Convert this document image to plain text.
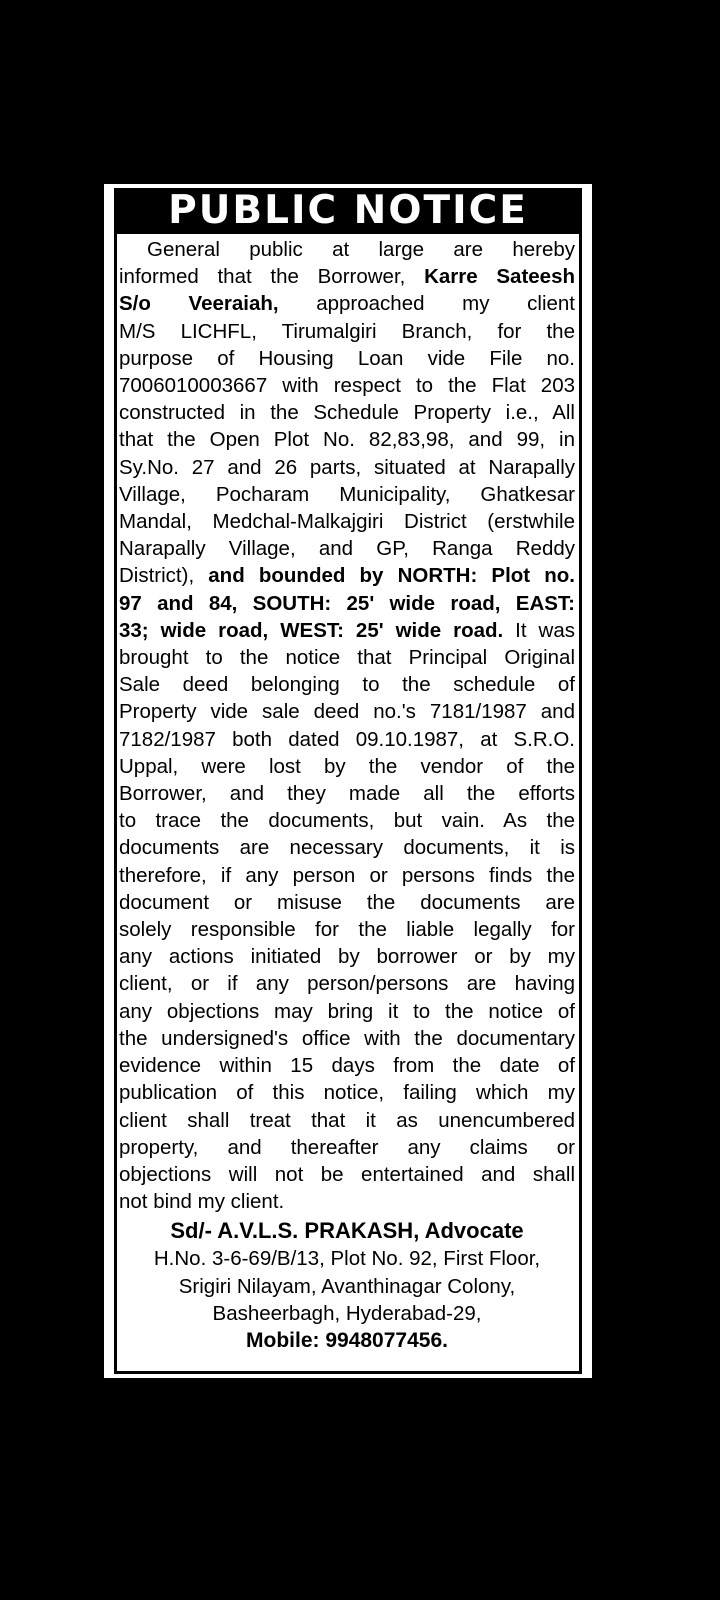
PUBLIC NOTICE
General public at large are hereby
informed that the Borrower, Karre Sateesh
S/o Veeraiah, approached my client
M/S LICHFL, Tirumalgiri Branch, for the
purpose of Housing Loan vide File no.
7006010003667 with respect to the Flat 203
constructed in the Schedule Property i.e., All
that the Open Plot No. 82,83,98, and 99, in
Sy.No. 27 and 26 parts, situated at Narapally
Village, Pocharam Municipality, Ghatkesar
Mandal, Medchal-Malkajgiri District (erstwhile
Narapally Village, and GP, Ranga Reddy
District), and bounded by NORTH: Plot no.
97 and 84, SOUTH: 25' wide road, EAST:
33; wide road, WEST: 25' wide road. It was
brought to the notice that Principal Original
Sale deed belonging to the schedule of
Property vide sale deed no.'s 7181/1987 and
7182/1987 both dated 09.10.1987, at S.R.O.
Uppal, were lost by the vendor of the
Borrower, and they made all the efforts
to trace the documents, but vain. As the
documents are necessary documents, it is
therefore, if any person or persons finds the
document or misuse the documents are
solely responsible for the liable legally for
any actions initiated by borrower or by my
client, or if any person/persons are having
any objections may bring it to the notice of
the undersigned's office with the documentary
evidence within 15 days from the date of
publication of this notice, failing which my
client shall treat that it as unencumbered
property, and thereafter any claims or
objections will not be entertained and shall
not bind my client.
Sd/- A.V.L.S. PRAKASH, Advocate
H.No. 3-6-69/B/13, Plot No. 92, First Floor,
Srigiri Nilayam, Avanthinagar Colony,
Basheerbagh, Hyderabad-29,
Mobile: 9948077456.
